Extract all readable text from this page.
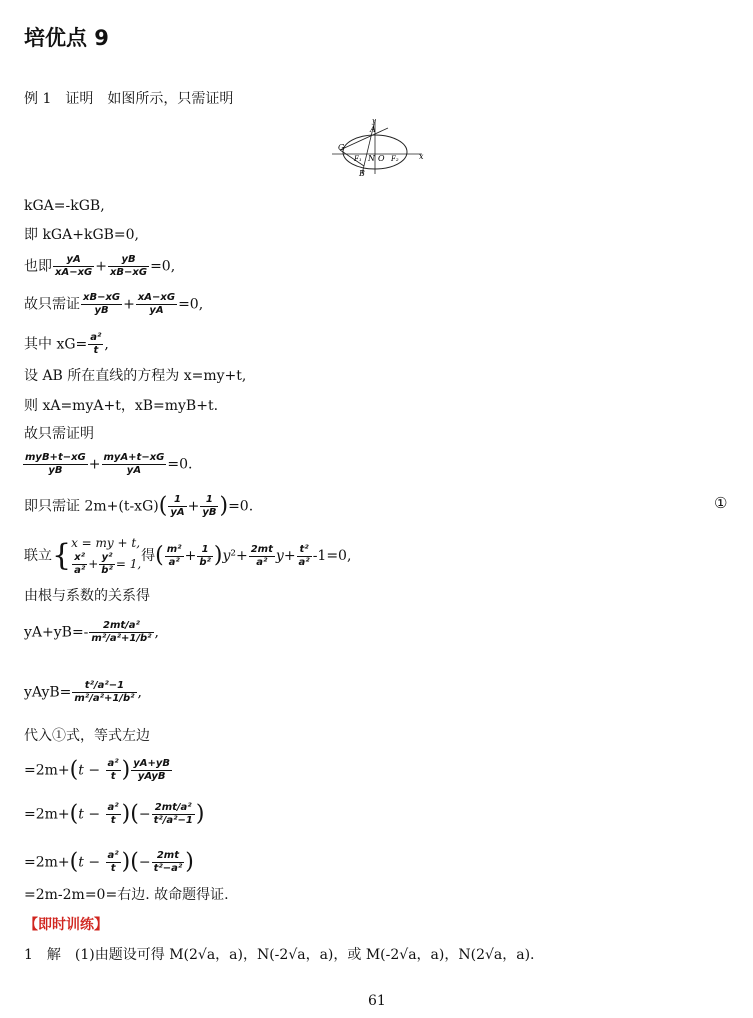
培优点 9
例 1　证明　如图所示，只需证明
x
y
A
B
G
F₁ N O F₂
kGA=-kGB,
即 kGA+kGB=0,
也即 $\frac{yA}{xA-xG} + \frac{yB}{xB-xG} =0$,
故只需证 $\frac{xB-xG}{yB} + \frac{xA-xG}{yA} =0$,
其中 $xG= \frac{\text{a²}}{t}$ ,
设 AB 所在直线的方程为 x=my+t,
则 xA=myA+t，xB=myB+t.
故只需证明
$\frac{\text{myB+t−xG}}{yB} + \frac{\text{myA+t−xG}}{yA} =0$.
即只需证 $2m+(t-xG)( \frac{1}{yA} + \frac{1}{yB} )=0$.	①
联立{x = my + t,

$\frac{\text{x²}}{\text{a²}} + \frac{\text{y²}}{\text{b²}} = 1$,得( $\frac{\text{m²}}{\text{a²}} + \frac{1}{\text{b²}} )y^2+ \frac{2mt}{\text{a²}} y+ \frac{\text{t²}}{\text{a²}} -1=0$,
由根与系数的关系得
$yA+yB=- \frac{\text{2mt/a²}}{\text{m²/a²+1/b²}}$ ,
yAyB= $\frac{\text{t²/a²−1}}{\text{m²/a²+1/b²}}$ ,
代入①式，等式左边
$=2m+(t - \frac{\text{a²}}{t}$ ) $\frac{yA+yB}{\text{yAyB}}$
$=2m+(t - \frac{\text{a²}}{t}$ )(− $\frac{\text{2mt/a²}}{\text{t²/a²−1}}$ )
$=2m+(t - \frac{\text{a²}}{t}$ )(− $\frac{2mt}{\text{t²−a²}}$ )
=2m-2m=0=右边. 故命题得证.
【即时训练】
1　解　(1)由题设可得 M(2√a，a)，N(-2√a，a)，或 M(-2√a，a)，N(2√a，a).
61
